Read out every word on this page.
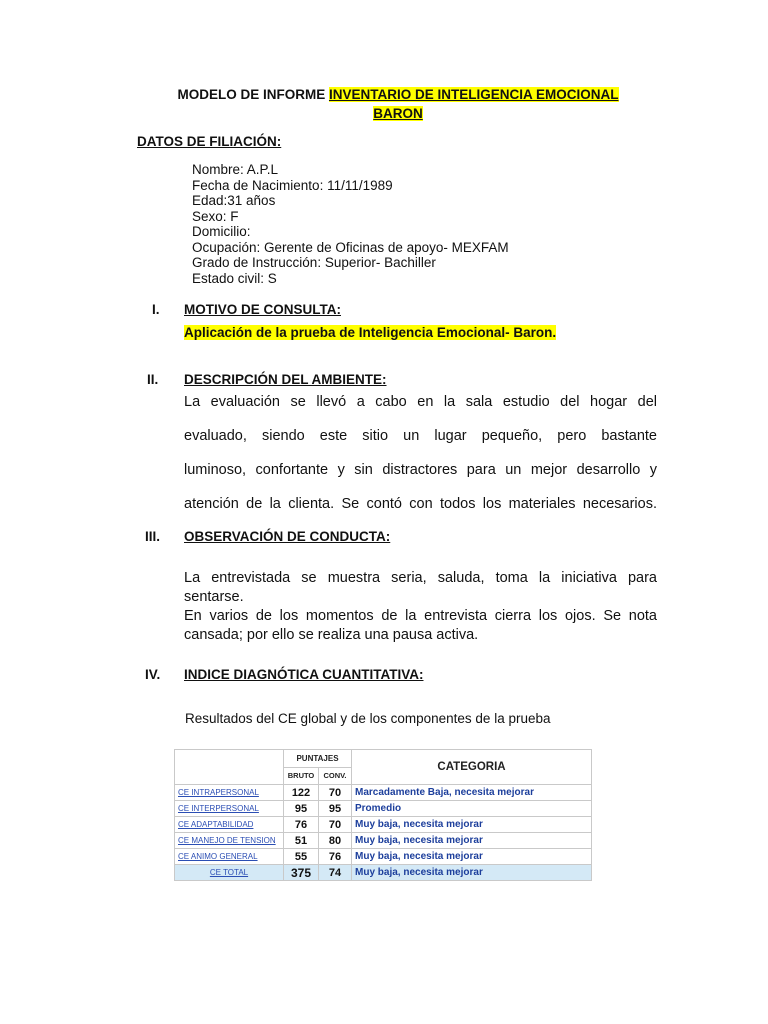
MODELO DE INFORME INVENTARIO DE INTELIGENCIA EMOCIONAL
BARON
DATOS DE FILIACIÓN:
Nombre: A.P.L
Fecha de Nacimiento: 11/11/1989
Edad:31 años
Sexo: F
Domicilio:
Ocupación: Gerente de Oficinas de apoyo- MEXFAM
Grado de Instrucción: Superior- Bachiller
Estado civil: S
I. MOTIVO DE CONSULTA:
Aplicación de la prueba de Inteligencia Emocional- Baron.
II. DESCRIPCIÓN DEL AMBIENTE:

La evaluación se llevó a cabo en la sala estudio del hogar del

evaluado, siendo este sitio un lugar pequeño, pero bastante

luminoso, confortante y sin distractores para un mejor desarrollo y

atención de la clienta. Se contó con todos los materiales necesarios.

III. OBSERVACIÓN DE CONDUCTA:

La entrevistada se muestra seria, saluda, toma la iniciativa para sentarse.

En varios de los momentos de la entrevista cierra los ojos. Se nota cansada; por ello se realiza una pausa activa.

IV. INDICE DIAGNÓTICA CUANTITATIVA:
Resultados del CE global y de los componentes de la prueba
	PUNTAJES		CATEGORIA
	BRUTO	CONV.	
CE INTRAPERSONAL	122	70	Marcadamente Baja, necesita mejorar
CE INTERPERSONAL	95	95	Promedio
CE ADAPTABILIDAD	76	70	Muy baja, necesita mejorar
CE MANEJO DE TENSION	51	80	Muy baja, necesita mejorar
CE ANIMO GENERAL	55	76	Muy baja, necesita mejorar
CE TOTAL	375	74	Muy baja, necesita mejorar
